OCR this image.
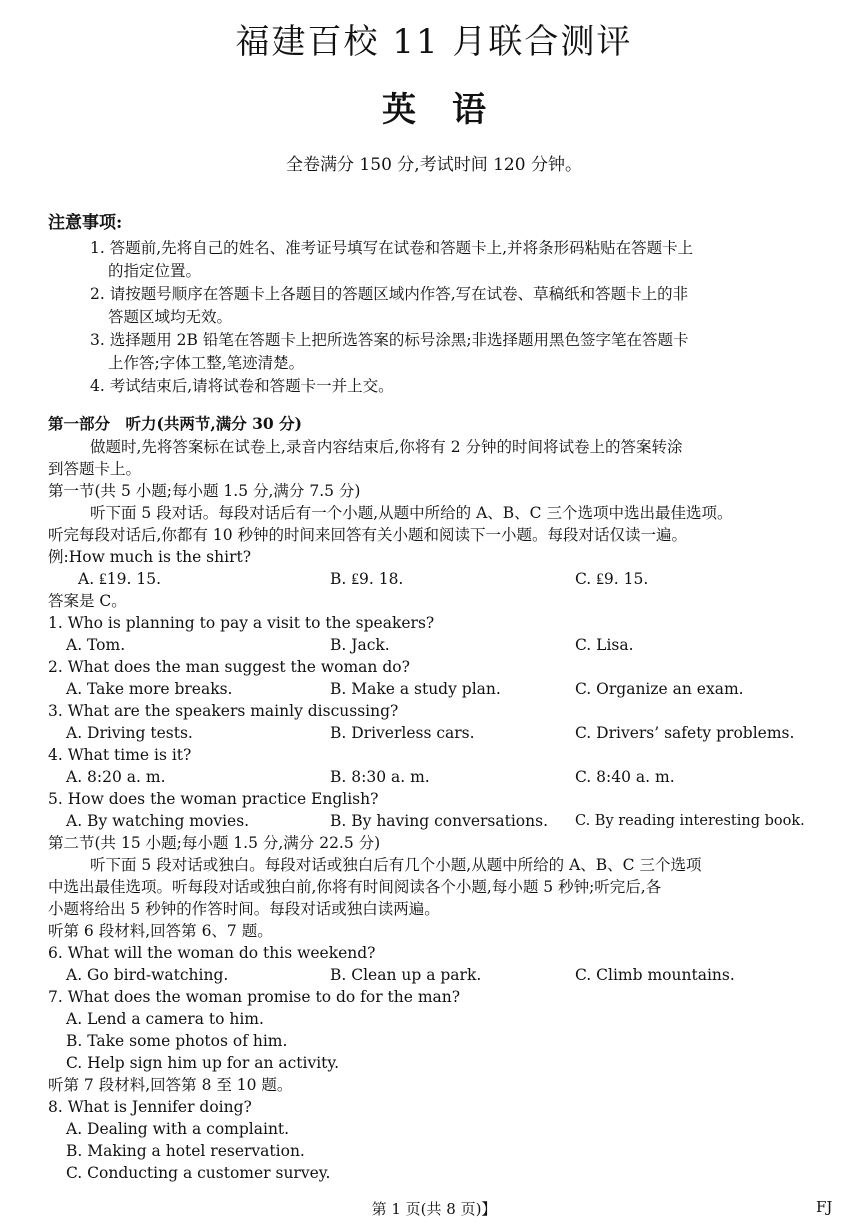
福建百校 11 月联合测评
英 语
全卷满分 150 分,考试时间 120 分钟。
注意事项:
1. 答题前,先将自己的姓名、准考证号填写在试卷和答题卡上,并将条形码粘贴在答题卡上
的指定位置。
2. 请按题号顺序在答题卡上各题目的答题区域内作答,写在试卷、草稿纸和答题卡上的非
答题区域均无效。
3. 选择题用 2B 铅笔在答题卡上把所选答案的标号涂黑;非选择题用黑色签字笔在答题卡
上作答;字体工整,笔迹清楚。
4. 考试结束后,请将试卷和答题卡一并上交。
第一部分　听力(共两节,满分 30 分)
做题时,先将答案标在试卷上,录音内容结束后,你将有 2 分钟的时间将试卷上的答案转涂
到答题卡上。
第一节(共 5 小题;每小题 1.5 分,满分 7.5 分)
听下面 5 段对话。每段对话后有一个小题,从题中所给的 A、B、C 三个选项中选出最佳选项。
听完每段对话后,你都有 10 秒钟的时间来回答有关小题和阅读下一小题。每段对话仅读一遍。
例:How much is the shirt?
A. ₤19. 15.	B. ₤9. 18.	C. ₤9. 15.
答案是 C。
1. Who is planning to pay a visit to the speakers?
A. Tom.	B. Jack.	C. Lisa.
2. What does the man suggest the woman do?
A. Take more breaks.	B. Make a study plan.	C. Organize an exam.
3. What are the speakers mainly discussing?
A. Driving tests.	B. Driverless cars.	C. Drivers’ safety problems.
4. What time is it?
A. 8:20 a. m.	B. 8:30 a. m.	C. 8:40 a. m.
5. How does the woman practice English?
A. By watching movies.	B. By having conversations. C. By reading interesting book.
第二节(共 15 小题;每小题 1.5 分,满分 22.5 分)
听下面 5 段对话或独白。每段对话或独白后有几个小题,从题中所给的 A、B、C 三个选项
中选出最佳选项。听每段对话或独白前,你将有时间阅读各个小题,每小题 5 秒钟;听完后,各
小题将给出 5 秒钟的作答时间。每段对话或独白读两遍。
听第 6 段材料,回答第 6、7 题。
6. What will the woman do this weekend?
A. Go bird-watching.	B. Clean up a park.	C. Climb mountains.
7. What does the woman promise to do for the man?
A. Lend a camera to him.
B. Take some photos of him.
C. Help sign him up for an activity.
听第 7 段材料,回答第 8 至 10 题。
8. What is Jennifer doing?
A. Dealing with a complaint.
B. Making a hotel reservation.
C. Conducting a customer survey.
第 1 页(共 8 页)】	FJ
